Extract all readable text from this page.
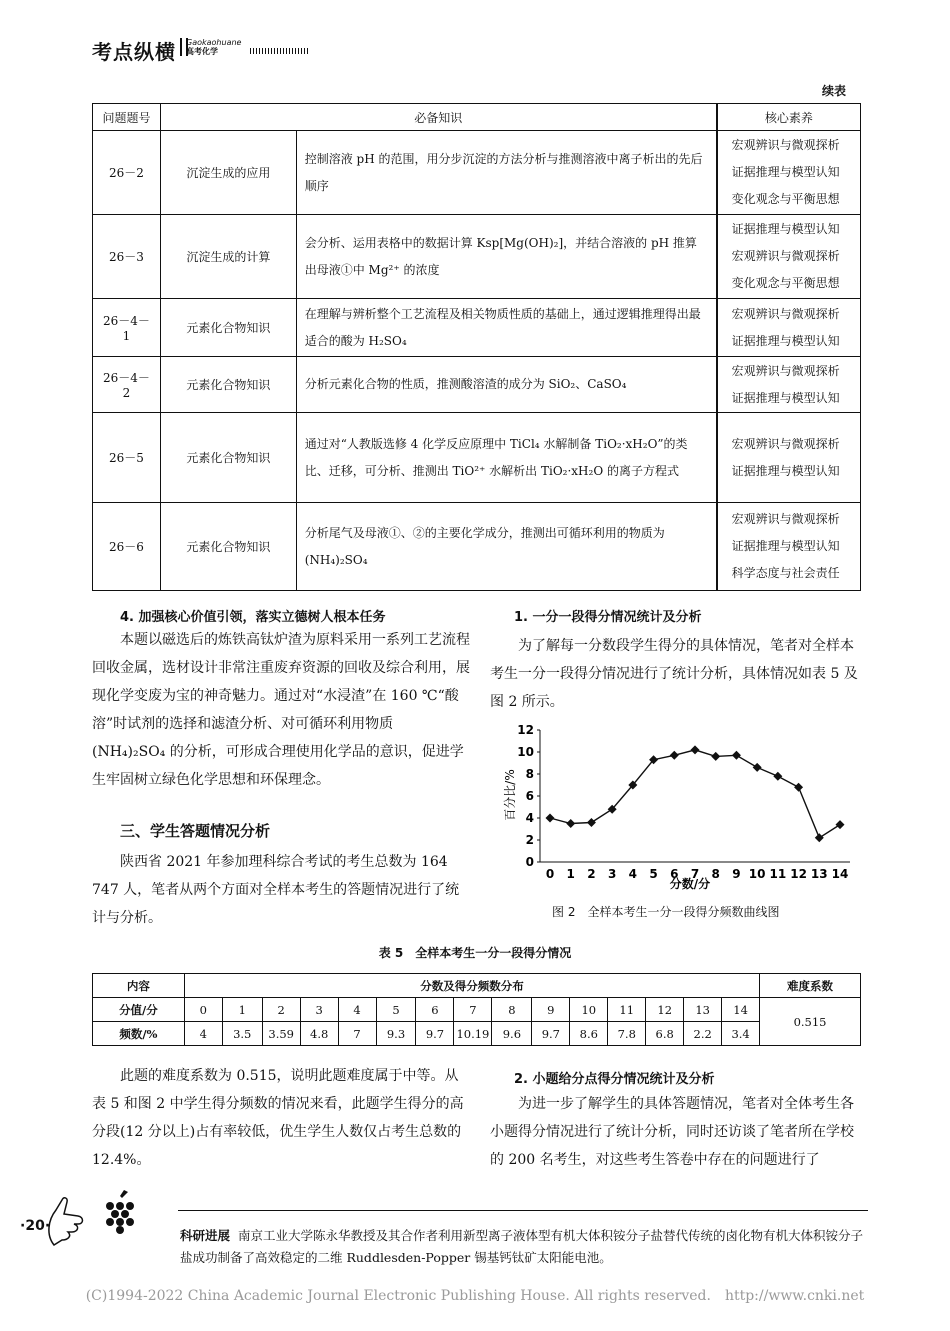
考点纵横 Gaokaohuane
高考化学
续表
问题题号	必备知识		核心素养
26－2	沉淀生成的应用	控制溶液 pH 的范围，用分步沉淀的方法分析与推测溶液中离子析出的先后顺序	宏观辨识与微观探析
证据推理与模型认知
变化观念与平衡思想

26－3	沉淀生成的计算	会分析、运用表格中的数据计算 Ksp[Mg(OH)₂]，并结合溶液的 pH 推算出母液①中 Mg²⁺ 的浓度	证据推理与模型认知
宏观辨识与微观探析
变化观念与平衡思想

26－4－1	元素化合物知识	在理解与辨析整个工艺流程及相关物质性质的基础上，通过逻辑推理得出最适合的酸为 H₂SO₄	宏观辨识与微观探析
证据推理与模型认知

26－4－2	元素化合物知识	分析元素化合物的性质，推测酸溶渣的成分为 SiO₂、CaSO₄	宏观辨识与微观探析
证据推理与模型认知

26－5	元素化合物知识	通过对“人教版选修 4 化学反应原理中 TiCl₄ 水解制备 TiO₂·xH₂O”的类比、迁移，可分析、推测出 TiO²⁺ 水解析出 TiO₂·xH₂O 的离子方程式	宏观辨识与微观探析
证据推理与模型认知

26－6	元素化合物知识	分析尾气及母液①、②的主要化学成分，推测出可循环利用的物质为 (NH₄)₂SO₄	宏观辨识与微观探析
证据推理与模型认知
科学态度与社会责任
4. 加强核心价值引领，落实立德树人根本任务
本题以磁选后的炼铁高钛炉渣为原料采用一系列工艺流程回收金属，选材设计非常注重废弃资源的回收及综合利用，展现化学变废为宝的神奇魅力。通过对“水浸渣”在 160 ℃“酸溶”时试剂的选择和滤渣分析、对可循环利用物质 (NH₄)₂SO₄ 的分析，可形成合理使用化学品的意识，促进学生牢固树立绿色化学思想和环保理念。
三、学生答题情况分析
陕西省 2021 年参加理科综合考试的考生总数为 164 747 人，笔者从两个方面对全样本考生的答题情况进行了统计与分析。
1. 一分一段得分情况统计及分析
为了解每一分数段学生得分的具体情况，笔者对全样本考生一分一段得分情况进行了统计分析，具体情况如表 5 及图 2 所示。
0
2
4
6
8
10
12
0 1 2 3 4 5 6 7 8 9 10 11 12 13 14
百分比/%
分数/分
图 2　全样本考生一分一段得分频数曲线图
表 5　全样本考生一分一段得分情况
内容	分数及得分频数分布															难度系数
分值/分	0	1	2	3	4	5	6	7	8	9	10	11	12	13	14	0.515
频数/%	4	3.5	3.59	4.8	7	9.3	9.7	10.19	9.6	9.7	8.6	7.8	6.8	2.2	3.4	
此题的难度系数为 0.515，说明此题难度属于中等。从表 5 和图 2 中学生得分频数的情况来看，此题学生得分的高分段(12 分以上)占有率较低，优生学生人数仅占考生总数的 12.4%。
2. 小题给分点得分情况统计及分析
为进一步了解学生的具体答题情况，笔者对全体考生各小题得分情况进行了统计分析，同时还访谈了笔者所在学校的 200 名考生，对这些考生答卷中存在的问题进行了
·20·
科研进展 南京工业大学陈永华教授及其合作者利用新型离子液体型有机大体积铵分子盐替代传统的卤化物有机大体积铵分子盐成功制备了高效稳定的二维 Ruddlesden-Popper 锡基钙钛矿太阳能电池。
(C)1994-2022 China Academic Journal Electronic Publishing House. All rights reserved.　http://www.cnki.net
